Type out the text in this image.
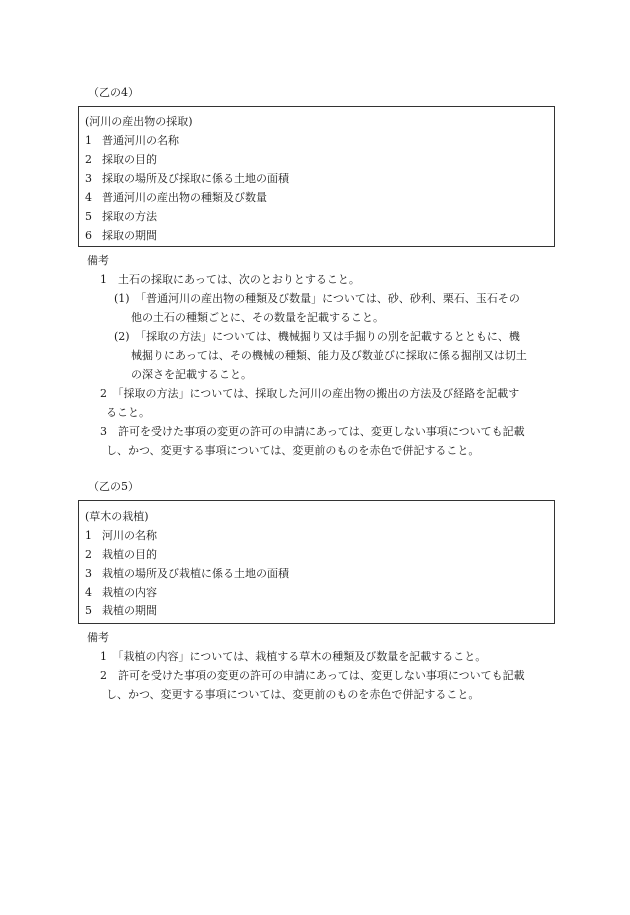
（乙の4）
(河川の産出物の採取)
1 普通河川の名称
2 採取の目的
3 採取の場所及び採取に係る土地の面積
4 普通河川の産出物の種類及び数量
5 採取の方法
6 採取の期間
備考
1　土石の採取にあっては、次のとおりとすること。
(1)　「普通河川の産出物の種類及び数量」については、砂、砂利、栗石、玉石その
他の土石の種類ごとに、その数量を記載すること。
(2)　「採取の方法」については、機械掘り又は手掘りの別を記載するとともに、機
械掘りにあっては、その機械の種類、能力及び数並びに採取に係る掘削又は切土
の深さを記載すること。
2　「採取の方法」については、採取した河川の産出物の搬出の方法及び経路を記載す
ること。
3　許可を受けた事項の変更の許可の申請にあっては、変更しない事項についても記載
し、かつ、変更する事項については、変更前のものを赤色で併記すること。
（乙の5）
(草木の栽植)
1 河川の名称
2 栽植の目的
3 栽植の場所及び栽植に係る土地の面積
4 栽植の内容
5 栽植の期間
備考
1　「栽植の内容」については、栽植する草木の種類及び数量を記載すること。
2　許可を受けた事項の変更の許可の申請にあっては、変更しない事項についても記載
し、かつ、変更する事項については、変更前のものを赤色で併記すること。
